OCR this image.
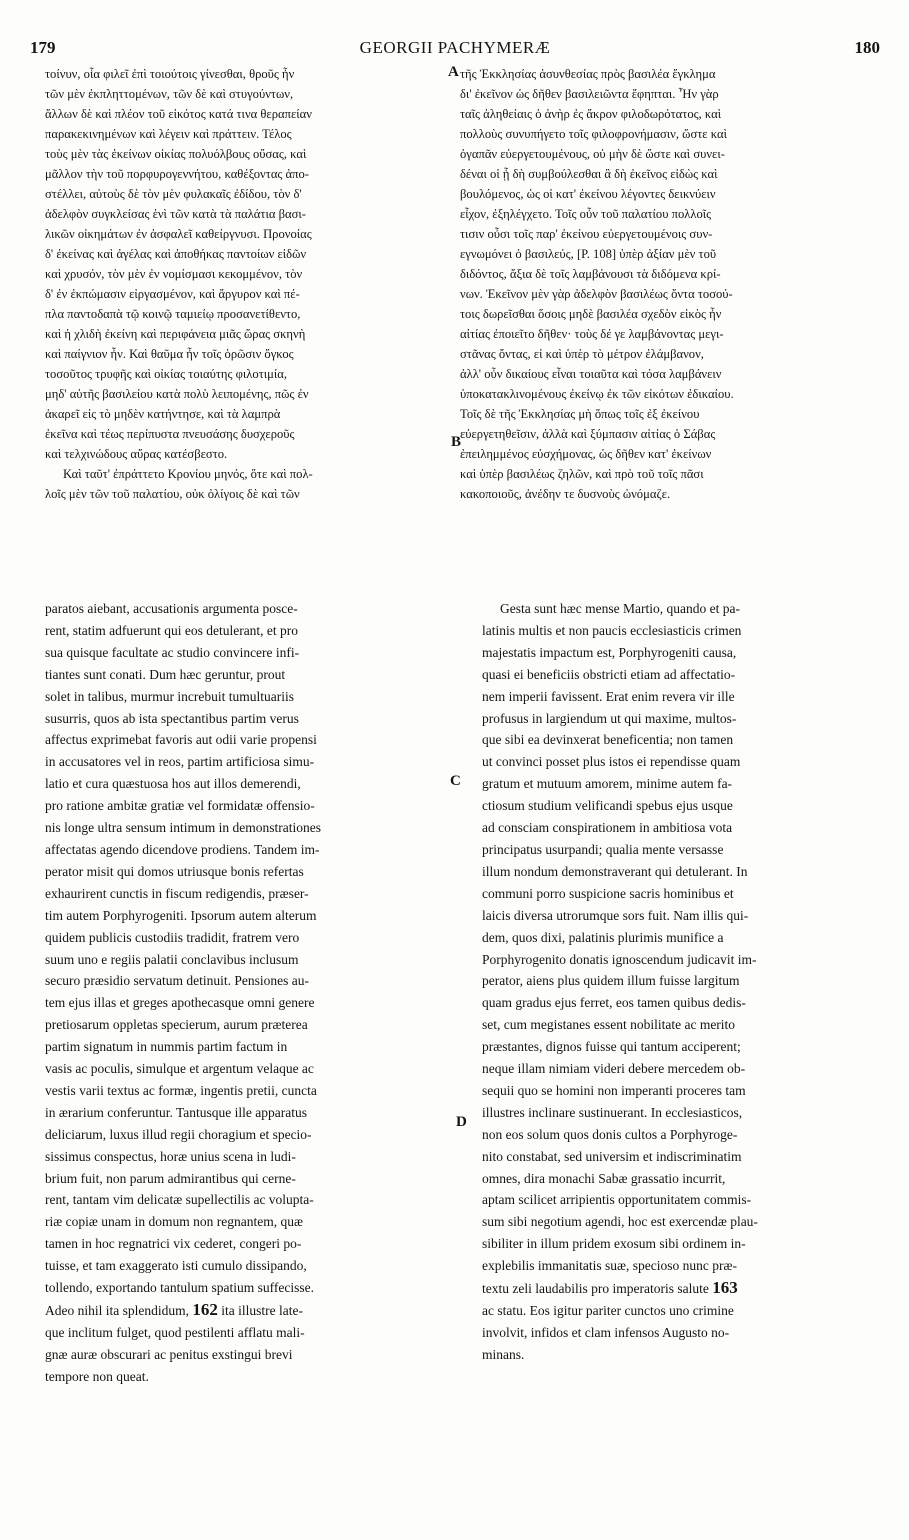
179	GEORGII PACHYMERÆ	180
τοίνυν, οἷα φιλεῖ ἐπὶ τοιούτοις γίνεσθαι, θροῦς ἦν
τῶν μὲν ἐκπληττομένων, τῶν δὲ καὶ στυγούντων,
ἄλλων δὲ καὶ πλέον τοῦ εἰκότος κατά τινα θεραπείαν
παρακεκινημένων καὶ λέγειν καὶ πράττειν. Τέλος
τοὺς μὲν τὰς ἐκείνων οἰκίας πολυόλβους οὔσας, καὶ
μᾶλλον τὴν τοῦ πορφυρογεννήτου, καθέξοντας ἀπο-
στέλλει, αὐτοὺς δὲ τὸν μὲν φυλακαῖς ἐδίδου, τὸν δ'
ἀδελφὸν συγκλείσας ἑνὶ τῶν κατὰ τὰ παλάτια βασι-
λικῶν οἰκημάτων ἐν ἀσφαλεῖ καθείργνυσι. Προνοίας
δ' ἐκείνας καὶ ἀγέλας καὶ ἀποθήκας παντοίων εἰδῶν
καὶ χρυσόν, τὸν μὲν ἐν νομίσμασι κεκομμένον, τὸν
δ' ἐν ἐκπώμασιν εἰργασμένον, καὶ ἄργυρον καὶ πέ-
πλα παντοδαπὰ τῷ κοινῷ ταμιείῳ προσανετίθεντο,
καὶ ἡ χλιδὴ ἐκείνη καὶ περιφάνεια μιᾶς ὥρας σκηνὴ
καὶ παίγνιον ἦν. Καὶ θαῦμα ἦν τοῖς ὁρῶσιν ὄγκος
τοσοῦτος τρυφῆς καὶ οἰκίας τοιαύτης φιλοτιμία,
μηδ' αὐτῆς βασιλείου κατὰ πολὺ λειπομένης, πῶς ἐν
ἀκαρεῖ εἰς τὸ μηδὲν κατήντησε, καὶ τὰ λαμπρὰ
ἐκεῖνα καὶ τέως περίπυστα πνευσάσης δυσχεροῦς
καὶ τελχινώδους αὔρας κατέσβεστο.
Καὶ ταῦτ' ἐπράττετο Κρονίου μηνός, ὅτε καὶ πολ-
λοῖς μὲν τῶν τοῦ παλατίου, οὐκ ὀλίγοις δὲ καὶ τῶν
τῆς Ἐκκλησίας ἀσυνθεσίας πρὸς βασιλέα ἔγκλημα
δι' ἐκεῖνον ὡς δῆθεν βασιλειῶντα ἔφηπται. Ἦν γὰρ
ταῖς ἀληθείαις ὁ ἀνὴρ ἐς ἄκρον φιλοδωρότατος, καὶ
πολλοὺς συνυπήγετο τοῖς φιλοφρονήμασιν, ὥστε καὶ
ὀγαπᾶν εὐεργετουμένους, οὐ μὴν δὲ ὥστε καὶ συνει-
δέναι οἱ ᾗ δὴ συμβούλεσθαι ἃ δὴ ἐκεῖνος εἰδὼς καὶ
βουλόμενος, ὡς οἱ κατ' ἐκείνου λέγοντες δεικνύειν
εἶχον, ἐξηλέγχετο. Τοῖς οὖν τοῦ παλατίου πολλοῖς
τισιν οὖσι τοῖς παρ' ἐκείνου εὐεργετουμένοις συν-
εγνωμόνει ὁ βασιλεύς, [P. 108] ὑπὲρ ἀξίαν μὲν τοῦ
διδόντος, ἄξια δὲ τοῖς λαμβάνουσι τὰ διδόμενα κρί-
νων. Ἐκεῖνον μὲν γὰρ ἀδελφὸν βασιλέως ὄντα τοσού-
τοις δωρεῖσθαι ὅσοις μηδὲ βασιλέα σχεδὸν εἰκὸς ἦν
αἰτίας ἐποιεῖτο δῆθεν· τοὺς δέ γε λαμβάνοντας μεγι-
στᾶνας ὄντας, εἰ καὶ ὑπὲρ τὸ μέτρον ἐλάμβανον,
ἀλλ' οὖν δικαίους εἶναι τοιαῦτα καὶ τόσα λαμβάνειν
ὑποκατακλινομένους ἐκείνῳ ἐκ τῶν εἰκότων ἐδικαίου.
Τοῖς δὲ τῆς Ἐκκλησίας μὴ ὅπως τοῖς ἐξ ἐκείνου
εὐεργετηθεῖσιν, ἀλλὰ καὶ ξύμπασιν αἰτίας ὁ Σάβας
ἐπειλημμένος εὐσχήμονας, ὡς δῆθεν κατ' ἐκείνων
καὶ ὑπὲρ βασιλέως ζηλῶν, καὶ πρὸ τοῦ τοῖς πᾶσι
κακοποιοῦς, ἀνέδην τε δυσνοὺς ὠνόμαζε.
A
B
C
D
paratos aiebant, accusationis argumenta poscе-
rent, statim adfuerunt qui eos detulerant, et pro
sua quisque facultate ac studio convincere infi-
tiantes sunt conati. Dum hæc geruntur, prout
solet in talibus, murmur increbuit tumultuariis
susurris, quos ab ista spectantibus partim verus
affectus exprimebat favoris aut odii varie propensi
in accusatores vel in reos, partim artificiosa simu-
latio et cura quæstuosa hos aut illos demerendi,
pro ratione ambitæ gratiæ vel formidatæ offensio-
nis longe ultra sensum intimum in demonstrationes
affectatas agendo dicendove prodiens. Tandem im-
perator misit qui domos utriusque bonis refertas
exhaurirent cunctis in fiscum redigendis, præser-
tim autem Porphyrogeniti. Ipsorum autem alterum
quidem publicis custodiis tradidit, fratrem vero
suum uno e regiis palatii conclavibus inclusum
securo præsidio servatum detinuit. Pensiones au-
tem ejus illas et greges apothecasque omni genere
pretiosarum oppletas specierum, aurum præterea
partim signatum in nummis partim factum in
vasis ac poculis, simulque et argentum velaque ac
vestis varii textus ac formæ, ingentis pretii, cuncta
in ærarium conferuntur. Tantusque ille apparatus
deliciarum, luxus illud regii choragium et specio-
sissimus conspectus, horæ unius scena in ludi-
brium fuit, non parum admirantibus qui cerne-
rent, tantam vim delicatæ supellectilis ac volupta-
riæ copiæ unam in domum non regnantem, quæ
tamen in hoc regnatrici vix cederet, congeri po-
tuisse, et tam exaggerato isti cumulo dissipando,
tollendo, exportando tantulum spatium suffecisse.
Adeo nihil ita splendidum, 162 ita illustre late-
que inclitum fulget, quod pestilenti afflatu mali-
gnæ auræ obscurari ac penitus exstingui brevi
tempore non queat.
Gesta sunt hæc mense Martio, quando et pa-
latinis multis et non paucis ecclesiasticis crimen
majestatis impactum est, Porphyrogeniti causa,
quasi ei beneficiis obstricti etiam ad affectatio-
nem imperii favissent. Erat enim revera vir ille
profusus in largiendum ut qui maxime, multos-
que sibi ea devinxerat beneficentia; non tamen
ut convinci posset plus istos ei rependisse quam
gratum et mutuum amorem, minime autem fa-
ctiosum studium velificandi spebus ejus usque
ad consciam conspirationem in ambitiosa vota
principatus usurpandi; qualia mente versasse
illum nondum demonstraverant qui detulerant. In
communi porro suspicione sacris hominibus et
laicis diversa utrorumque sors fuit. Nam illis qui-
dem, quos dixi, palatinis plurimis munifice a
Porphyrogenito donatis ignoscendum judicavit im-
perator, aiens plus quidem illum fuisse largitum
quam gradus ejus ferret, eos tamen quibus dedis-
set, cum megistanes essent nobilitate ac merito
præstantes, dignos fuisse qui tantum acciperent;
neque illam nimiam videri debere mercedem ob-
sequii quo se homini non imperanti proceres tam
illustres inclinare sustinuerant. In ecclesiasticos,
non eos solum quos donis cultos a Porphyroge-
nito constabat, sed universim et indiscriminatim
omnes, dira monachi Sabæ grassatio incurrit,
aptam scilicet arripientis opportunitatem commis-
sum sibi negotium agendi, hoc est exercendæ plau-
sibiliter in illum pridem exosum sibi ordinem in-
explebilis immanitatis suæ, specioso nunc præ-
textu zeli laudabilis pro imperatoris salute 163
ac statu. Eos igitur pariter cunctos uno crimine
involvit, infidos et clam infensos Augusto no-
minans.
